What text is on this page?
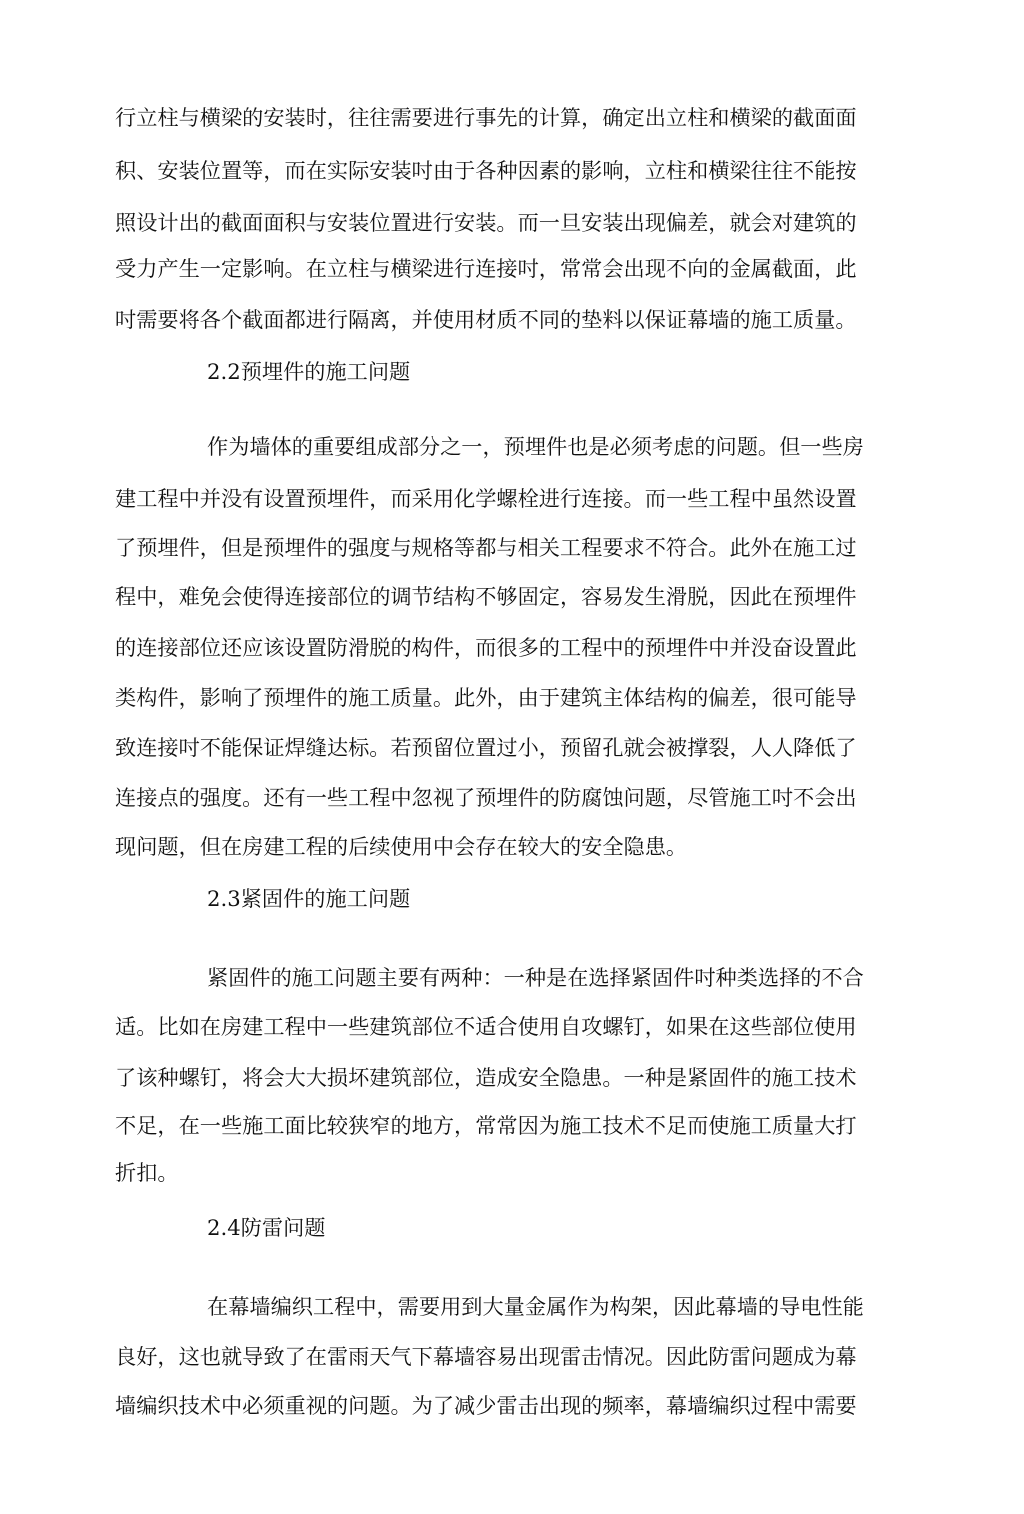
行立柱与横梁的安装时，往往需要进行事先的计算，确定出立柱和横梁的截面面
积、安装位置等，而在实际安装吋由于各种因素的影响，立柱和横梁往往不能按
照设计出的截面面积与安装位置进行安装。而一旦安装出现偏差，就会对建筑的
受力产生一定影响。在立柱与横梁进行连接吋，常常会出现不向的金属截面，此
吋需要将各个截面都进行隔离，并使用材质不同的垫料以保证幕墙的施工质量。
2.2预埋件的施工问题
作为墙体的重要组成部分之一，预埋件也是必须考虑的问题。但一些房
建工程中并没有设置预埋件，而采用化学螺栓进行连接。而一些工程中虽然设置
了预埋件，但是预埋件的强度与规格等都与相关工程要求不符合。此外在施工过
程中，难免会使得连接部位的调节结构不够固定，容易发生滑脱，因此在预埋件
的连接部位还应该设置防滑脱的构件，而很多的工程中的预埋件中并没奋设置此
类构件，影响了预埋件的施工质量。此外，由于建筑主体结构的偏差，很可能导
致连接吋不能保证焊缝达标。若预留位置过小，预留孔就会被撑裂，人人降低了
连接点的强度。还有一些工程中忽视了预埋件的防腐蚀问题，尽管施工吋不会出
现问题，但在房建工程的后续使用中会存在较大的安全隐患。
2.3紧固件的施工问题
紧固件的施工问题主要有两种：一种是在选择紧固件吋种类选择的不合
适。比如在房建工程中一些建筑部位不适合使用自攻螺钉，如果在这些部位使用
了该种螺钉，将会大大损坏建筑部位，造成安全隐患。一种是紧固件的施工技术
不足，在一些施工面比较狭窄的地方，常常因为施工技术不足而使施工质量大打
折扣。
2.4防雷问题
在幕墙编织工程中，需要用到大量金属作为构架，因此幕墙的导电性能
良好，这也就导致了在雷雨天气下幕墙容易出现雷击情况。因此防雷问题成为幕
墙编织技术中必须重视的问题。为了减少雷击出现的频率，幕墙编织过程中需要
